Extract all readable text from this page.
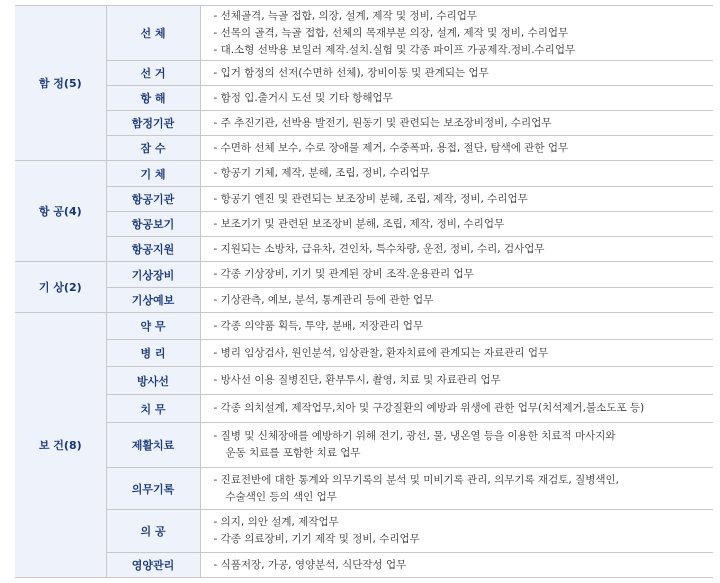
함 정(5)	선 체	- 선체골격, 늑골 접합, 의장, 설계, 제작 및 정비, 수리업무
- 선목의 골격, 늑골 접합, 선체의 목재부분 의장, 설계, 제작 및 정비, 수리업무
- 대.소형 선박용 보일러 제작.설치.실험 및 각종 파이프 가공제작.정비.수리업무

	선 거	- 입거 함정의 선저(수면하 선체), 장비이동 및 관계되는 업무

	항 해	- 함정 입.출거시 도선 및 기타 항해업무

	함정기관	- 주 추진기관, 선박용 발전기, 원동기 및 관련되는 보조장비정비, 수리업무

	잠 수	- 수면하 선체 보수, 수로 장애물 제거, 수중폭파, 용접, 절단, 탐색에 관한 업무

항 공(4)	기 체	- 항공기 기체, 제작, 분해, 조립, 정비, 수리업무

	항공기관	- 항공기 엔진 및 관련되는 보조장비 분해, 조립, 제작, 정비, 수리업무

	항공보기	- 보조기기 및 관련된 보조장비 분해, 조립, 제작, 정비, 수리업무

	항공지원	- 지원되는 소방차, 급유차, 견인차, 특수차량, 운전, 정비, 수리, 검사업무

기 상(2)	기상장비	- 각종 기상장비, 기기 및 관계된 장비 조작.운용관리 업무

	기상예보	- 기상관측, 예보, 분석, 통계관리 등에 관한 업무

보 건(8)	약 무	- 각종 의약품 획득, 투약, 분배, 저장관리 업무

	병 리	- 병리 임상검사, 원인분석, 임상관찰, 환자치료에 관계되는 자료관리 업무

	방사선	- 방사선 이용 질병진단, 환부투시, 촬영, 치료 및 자료관리 업무

	치 무	- 각종 의치설계, 제작업무,치아 및 구강질환의 예방과 위생에 관한 업무(치석제거,불소도포 등)

	제활치료	- 질병 및 신체장애를 예방하기 위해 전기, 광선, 물, 냉온열 등을 이용한 치료적 마사지와
운동 치료를 포함한 치료 업무

	의무기록	- 진료전반에 대한 통계와 의무기록의 분석 및 미비기록 관리, 의무기록 재검토, 질병색인,
수술색인 등의 색인 업무

	의 공	- 의지, 의안 설계, 제작업무
- 각종 의료장비, 기기 제작 및 정비, 수리업무

	영양관리	- 식품저장, 가공, 영양분석, 식단작성 업무
